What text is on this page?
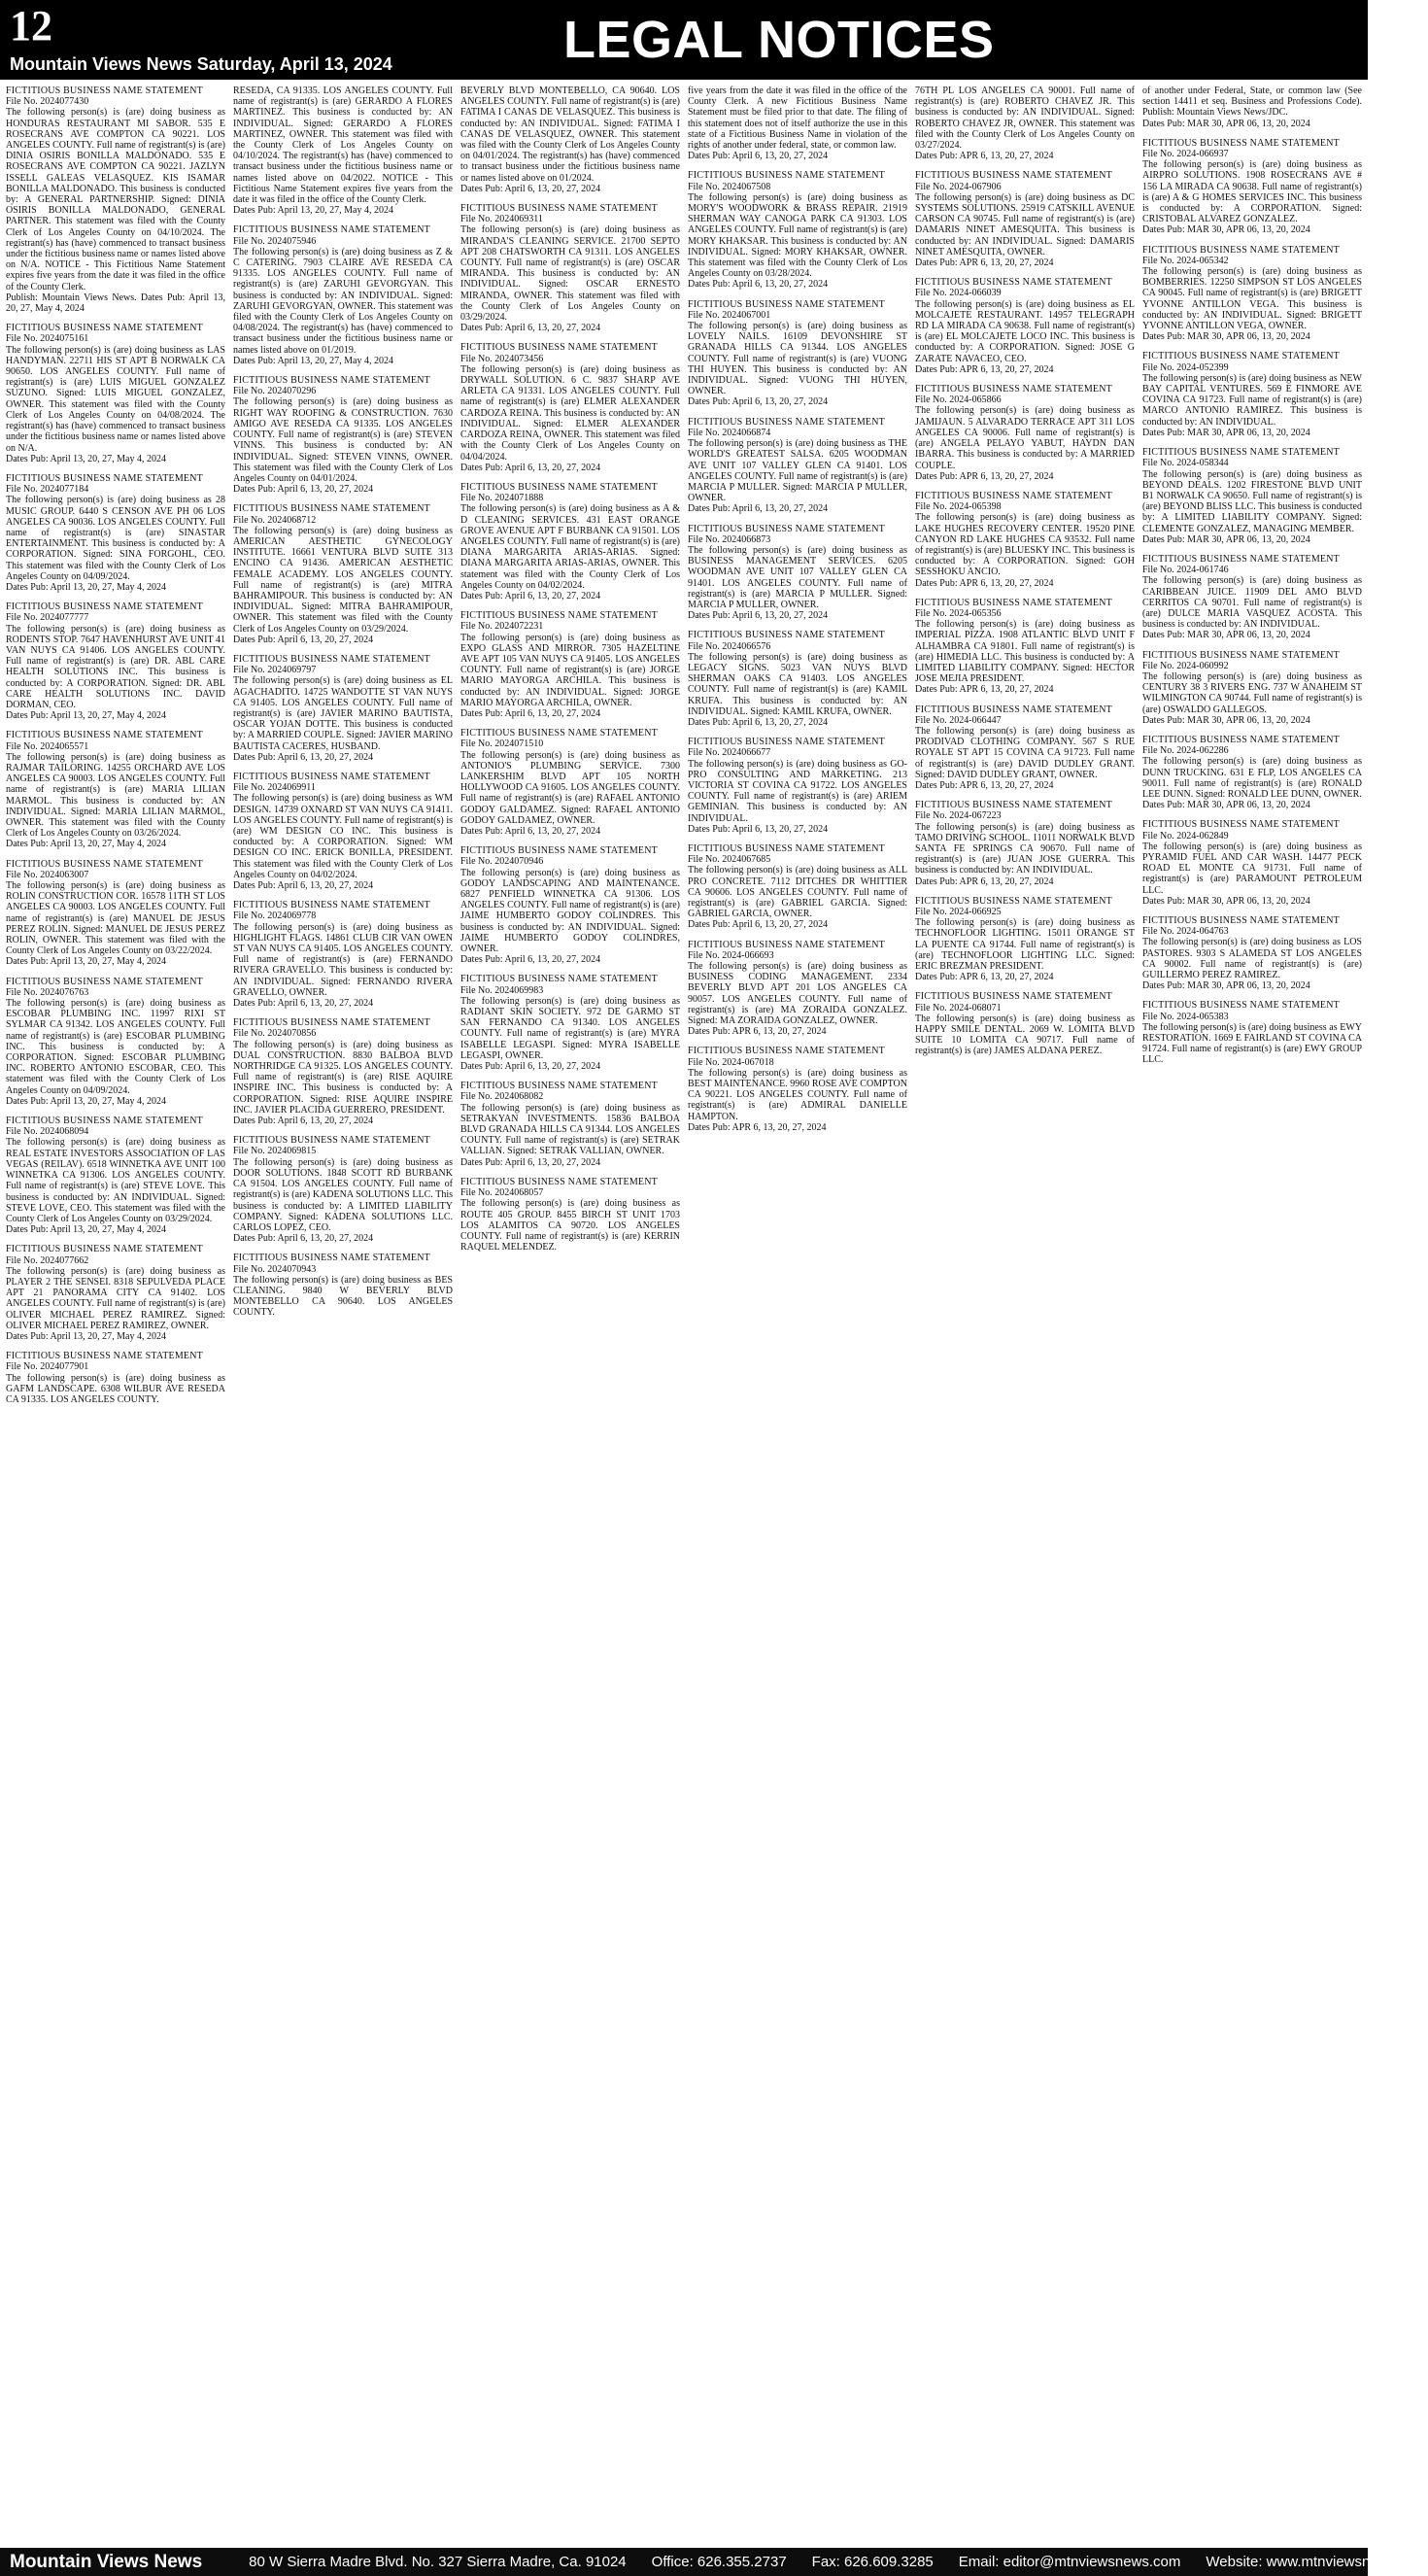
12
Mountain Views News Saturday, April 13, 2024	LEGAL NOTICES
FICTITIOUS BUSINESS NAME STATEMENT
File No. 2024077430
The following person(s) is (are) doing business as HONDURAS RESTAURANT MI SABOR. 535 E ROSECRANS AVE COMPTON CA 90221. LOS ANGELES COUNTY. Full name of registrant(s) is (are) DINIA OSIRIS BONILLA MALDONADO. 535 E ROSECRANS AVE COMPTON CA 90221. JAZLYN ISSELL GALEAS VELASQUEZ. KIS ISAMAR BONILLA MALDONADO. This business is conducted by: A GENERAL PARTNERSHIP. Signed: DINIA OSIRIS BONILLA MALDONADO, GENERAL PARTNER. This statement was filed with the County Clerk of Los Angeles County on 04/10/2024. The registrant(s) has (have) commenced to transact business under the fictitious business name or names listed above on N/A. NOTICE - This Fictitious Name Statement expires five years from the date it was filed in the office of the County Clerk.
Publish: Mountain Views News. Dates Pub: April 13, 20, 27, May 4, 2024
FICTITIOUS BUSINESS NAME STATEMENT
File No. 2024075161
The following person(s) is (are) doing business as LAS HANDYMAN. 22711 HIS ST APT B NORWALK CA 90650. LOS ANGELES COUNTY. Full name of registrant(s) is (are) LUIS MIGUEL GONZALEZ SUZUNO. Signed: LUIS MIGUEL GONZALEZ, OWNER. This statement was filed with the County Clerk of Los Angeles County on 04/08/2024. The registrant(s) has (have) commenced to transact business under the fictitious business name or names listed above on N/A.
Dates Pub: April 13, 20, 27, May 4, 2024
FICTITIOUS BUSINESS NAME STATEMENT
File No. 2024077184
The following person(s) is (are) doing business as 28 MUSIC GROUP. 6440 S CENSON AVE PH 06 LOS ANGELES CA 90036. LOS ANGELES COUNTY. Full name of registrant(s) is (are) SINASTAR ENTERTAINMENT. This business is conducted by: A CORPORATION. Signed: SINA FORGOHL, CEO. This statement was filed with the County Clerk of Los Angeles County on 04/09/2024.
Dates Pub: April 13, 20, 27, May 4, 2024
FICTITIOUS BUSINESS NAME STATEMENT
File No. 2024077777
The following person(s) is (are) doing business as RODENTS STOP. 7647 HAVENHURST AVE UNIT 41 VAN NUYS CA 91406. LOS ANGELES COUNTY. Full name of registrant(s) is (are) DR. ABL CARE HEALTH SOLUTIONS INC. This business is conducted by: A CORPORATION. Signed: DR. ABL CARE HEALTH SOLUTIONS INC. DAVID DORMAN, CEO.
Dates Pub: April 13, 20, 27, May 4, 2024
FICTITIOUS BUSINESS NAME STATEMENT
File No. 2024065571
The following person(s) is (are) doing business as RAJMAR TAILORING. 14255 ORCHARD AVE LOS ANGELES CA 90003. LOS ANGELES COUNTY. Full name of registrant(s) is (are) MARIA LILIAN MARMOL. This business is conducted by: AN INDIVIDUAL. Signed: MARIA LILIAN MARMOL, OWNER. This statement was filed with the County Clerk of Los Angeles County on 03/26/2024.
Dates Pub: April 13, 20, 27, May 4, 2024
FICTITIOUS BUSINESS NAME STATEMENT
File No. 2024063007
The following person(s) is (are) doing business as ROLIN CONSTRUCTION COR. 16578 11TH ST LOS ANGELES CA 90003. LOS ANGELES COUNTY. Full name of registrant(s) is (are) MANUEL DE JESUS PEREZ ROLIN. Signed: MANUEL DE JESUS PEREZ ROLIN, OWNER. This statement was filed with the County Clerk of Los Angeles County on 03/22/2024.
Dates Pub: April 13, 20, 27, May 4, 2024
FICTITIOUS BUSINESS NAME STATEMENT
File No. 2024076763
The following person(s) is (are) doing business as ESCOBAR PLUMBING INC. 11997 RIXI ST SYLMAR CA 91342. LOS ANGELES COUNTY. Full name of registrant(s) is (are) ESCOBAR PLUMBING INC. This business is conducted by: A CORPORATION. Signed: ESCOBAR PLUMBING INC. ROBERTO ANTONIO ESCOBAR, CEO. This statement was filed with the County Clerk of Los Angeles County on 04/09/2024.
Dates Pub: April 13, 20, 27, May 4, 2024
FICTITIOUS BUSINESS NAME STATEMENT
File No. 2024068094
The following person(s) is (are) doing business as REAL ESTATE INVESTORS ASSOCIATION OF LAS VEGAS (REILAV). 6518 WINNETKA AVE UNIT 100 WINNETKA CA 91306. LOS ANGELES COUNTY. Full name of registrant(s) is (are) STEVE LOVE. This business is conducted by: AN INDIVIDUAL. Signed: STEVE LOVE, CEO. This statement was filed with the County Clerk of Los Angeles County on 03/29/2024.
Dates Pub: April 13, 20, 27, May 4, 2024
FICTITIOUS BUSINESS NAME STATEMENT
File No. 2024077662
The following person(s) is (are) doing business as PLAYER 2 THE SENSEI. 8318 SEPULVEDA PLACE APT 21 PANORAMA CITY CA 91402. LOS ANGELES COUNTY. Full name of registrant(s) is (are) OLIVER MICHAEL PEREZ RAMIREZ. Signed: OLIVER MICHAEL PEREZ RAMIREZ, OWNER.
Dates Pub: April 13, 20, 27, May 4, 2024
FICTITIOUS BUSINESS NAME STATEMENT
File No. 2024077901
The following person(s) is (are) doing business as GAFM LANDSCAPE. 6308 WILBUR AVE RESEDA CA 91335. LOS ANGELES COUNTY.
RESEDA, CA 91335. LOS ANGELES COUNTY. Full name of registrant(s) is (are) GERARDO A FLORES MARTINEZ. This business is conducted by: AN INDIVIDUAL. Signed: GERARDO A FLORES MARTINEZ, OWNER. This statement was filed with the County Clerk of Los Angeles County on 04/10/2024. The registrant(s) has (have) commenced to transact business under the fictitious business name or names listed above on 04/2022. NOTICE - This Fictitious Name Statement expires five years from the date it was filed in the office of the County Clerk.
Dates Pub: April 13, 20, 27, May 4, 2024
FICTITIOUS BUSINESS NAME STATEMENT
File No. 2024075946
The following person(s) is (are) doing business as Z & C CATERING. 7903 CLAIRE AVE RESEDA CA 91335. LOS ANGELES COUNTY. Full name of registrant(s) is (are) ZARUHI GEVORGYAN. This business is conducted by: AN INDIVIDUAL. Signed: ZARUHI GEVORGYAN, OWNER. This statement was filed with the County Clerk of Los Angeles County on 04/08/2024. The registrant(s) has (have) commenced to transact business under the fictitious business name or names listed above on 01/2019.
Dates Pub: April 13, 20, 27, May 4, 2024
FICTITIOUS BUSINESS NAME STATEMENT
File No. 2024070296
The following person(s) is (are) doing business as RIGHT WAY ROOFING & CONSTRUCTION. 7630 AMIGO AVE RESEDA CA 91335. LOS ANGELES COUNTY. Full name of registrant(s) is (are) STEVEN VINNS. This business is conducted by: AN INDIVIDUAL. Signed: STEVEN VINNS, OWNER. This statement was filed with the County Clerk of Los Angeles County on 04/01/2024.
Dates Pub: April 6, 13, 20, 27, 2024
FICTITIOUS BUSINESS NAME STATEMENT
File No. 2024068712
The following person(s) is (are) doing business as AMERICAN AESTHETIC GYNECOLOGY INSTITUTE. 16661 VENTURA BLVD SUITE 313 ENCINO CA 91436. AMERICAN AESTHETIC FEMALE ACADEMY. LOS ANGELES COUNTY. Full name of registrant(s) is (are) MITRA BAHRAMIPOUR. This business is conducted by: AN INDIVIDUAL. Signed: MITRA BAHRAMIPOUR, OWNER. This statement was filed with the County Clerk of Los Angeles County on 03/29/2024.
Dates Pub: April 6, 13, 20, 27, 2024
FICTITIOUS BUSINESS NAME STATEMENT
File No. 2024069797
The following person(s) is (are) doing business as EL AGACHADITO. 14725 WANDOTTE ST VAN NUYS CA 91405. LOS ANGELES COUNTY. Full name of registrant(s) is (are) JAVIER MARINO BAUTISTA, OSCAR YOJAN DOTTE. This business is conducted by: A MARRIED COUPLE. Signed: JAVIER MARINO BAUTISTA CACERES, HUSBAND.
Dates Pub: April 6, 13, 20, 27, 2024
FICTITIOUS BUSINESS NAME STATEMENT
File No. 2024069911
The following person(s) is (are) doing business as WM DESIGN. 14739 OXNARD ST VAN NUYS CA 91411. LOS ANGELES COUNTY. Full name of registrant(s) is (are) WM DESIGN CO INC. This business is conducted by: A CORPORATION. Signed: WM DESIGN CO INC. ERICK BONILLA, PRESIDENT. This statement was filed with the County Clerk of Los Angeles County on 04/02/2024.
Dates Pub: April 6, 13, 20, 27, 2024
FICTITIOUS BUSINESS NAME STATEMENT
File No. 2024069778
The following person(s) is (are) doing business as HIGHLIGHT FLAGS. 14861 CLUB CIR VAN OWEN ST VAN NUYS CA 91405. LOS ANGELES COUNTY. Full name of registrant(s) is (are) FERNANDO RIVERA GRAVELLO. This business is conducted by: AN INDIVIDUAL. Signed: FERNANDO RIVERA GRAVELLO, OWNER.
Dates Pub: April 6, 13, 20, 27, 2024
FICTITIOUS BUSINESS NAME STATEMENT
File No. 2024070856
The following person(s) is (are) doing business as DUAL CONSTRUCTION. 8830 BALBOA BLVD NORTHRIDGE CA 91325. LOS ANGELES COUNTY. Full name of registrant(s) is (are) RISE AQUIRE INSPIRE INC. This business is conducted by: A CORPORATION. Signed: RISE AQUIRE INSPIRE INC. JAVIER PLACIDA GUERRERO, PRESIDENT.
Dates Pub: April 6, 13, 20, 27, 2024
FICTITIOUS BUSINESS NAME STATEMENT
File No. 2024069815
The following person(s) is (are) doing business as DOOR SOLUTIONS. 1848 SCOTT RD BURBANK CA 91504. LOS ANGELES COUNTY. Full name of registrant(s) is (are) KADENA SOLUTIONS LLC. This business is conducted by: A LIMITED LIABILITY COMPANY. Signed: KADENA SOLUTIONS LLC. CARLOS LOPEZ, CEO.
Dates Pub: April 6, 13, 20, 27, 2024
FICTITIOUS BUSINESS NAME STATEMENT
File No. 2024070943
The following person(s) is (are) doing business as BES CLEANING. 9840 W BEVERLY BLVD MONTEBELLO CA 90640. LOS ANGELES COUNTY.
BEVERLY BLVD MONTEBELLO, CA 90640. LOS ANGELES COUNTY. Full name of registrant(s) is (are) FATIMA I CANAS DE VELASQUEZ. This business is conducted by: AN INDIVIDUAL. Signed: FATIMA I CANAS DE VELASQUEZ, OWNER. This statement was filed with the County Clerk of Los Angeles County on 04/01/2024. The registrant(s) has (have) commenced to transact business under the fictitious business name or names listed above on 01/2024.
Dates Pub: April 6, 13, 20, 27, 2024
FICTITIOUS BUSINESS NAME STATEMENT
File No. 2024069311
The following person(s) is (are) doing business as MIRANDA'S CLEANING SERVICE. 21700 SEPTO APT 208 CHATSWORTH CA 91311. LOS ANGELES COUNTY. Full name of registrant(s) is (are) OSCAR MIRANDA. This business is conducted by: AN INDIVIDUAL. Signed: OSCAR ERNESTO MIRANDA, OWNER. This statement was filed with the County Clerk of Los Angeles County on 03/29/2024.
Dates Pub: April 6, 13, 20, 27, 2024
FICTITIOUS BUSINESS NAME STATEMENT
File No. 2024073456
The following person(s) is (are) doing business as DRYWALL SOLUTION. 6 C. 9837 SHARP AVE ARLETA CA 91331. LOS ANGELES COUNTY. Full name of registrant(s) is (are) ELMER ALEXANDER CARDOZA REINA. This business is conducted by: AN INDIVIDUAL. Signed: ELMER ALEXANDER CARDOZA REINA, OWNER. This statement was filed with the County Clerk of Los Angeles County on 04/04/2024.
Dates Pub: April 6, 13, 20, 27, 2024
FICTITIOUS BUSINESS NAME STATEMENT
File No. 2024071888
The following person(s) is (are) doing business as A & D CLEANING SERVICES. 431 EAST ORANGE GROVE AVENUE APT F BURBANK CA 91501. LOS ANGELES COUNTY. Full name of registrant(s) is (are) DIANA MARGARITA ARIAS-ARIAS. Signed: DIANA MARGARITA ARIAS-ARIAS, OWNER. This statement was filed with the County Clerk of Los Angeles County on 04/02/2024.
Dates Pub: April 6, 13, 20, 27, 2024
FICTITIOUS BUSINESS NAME STATEMENT
File No. 2024072231
The following person(s) is (are) doing business as EXPO GLASS AND MIRROR. 7305 HAZELTINE AVE APT 105 VAN NUYS CA 91405. LOS ANGELES COUNTY. Full name of registrant(s) is (are) JORGE MARIO MAYORGA ARCHILA. This business is conducted by: AN INDIVIDUAL. Signed: JORGE MARIO MAYORGA ARCHILA, OWNER.
Dates Pub: April 6, 13, 20, 27, 2024
FICTITIOUS BUSINESS NAME STATEMENT
File No. 2024071510
The following person(s) is (are) doing business as ANTONIO'S PLUMBING SERVICE. 7300 LANKERSHIM BLVD APT 105 NORTH HOLLYWOOD CA 91605. LOS ANGELES COUNTY. Full name of registrant(s) is (are) RAFAEL ANTONIO GODOY GALDAMEZ. Signed: RAFAEL ANTONIO GODOY GALDAMEZ, OWNER.
Dates Pub: April 6, 13, 20, 27, 2024
FICTITIOUS BUSINESS NAME STATEMENT
File No. 2024070946
The following person(s) is (are) doing business as GODOY LANDSCAPING AND MAINTENANCE. 6827 PENFIELD WINNETKA CA 91306. LOS ANGELES COUNTY. Full name of registrant(s) is (are) JAIME HUMBERTO GODOY COLINDRES. This business is conducted by: AN INDIVIDUAL. Signed: JAIME HUMBERTO GODOY COLINDRES, OWNER.
Dates Pub: April 6, 13, 20, 27, 2024
FICTITIOUS BUSINESS NAME STATEMENT
File No. 2024069983
The following person(s) is (are) doing business as RADIANT SKIN SOCIETY. 972 DE GARMO ST SAN FERNANDO CA 91340. LOS ANGELES COUNTY. Full name of registrant(s) is (are) MYRA ISABELLE LEGASPI. Signed: MYRA ISABELLE LEGASPI, OWNER.
Dates Pub: April 6, 13, 20, 27, 2024
FICTITIOUS BUSINESS NAME STATEMENT
File No. 2024068082
The following person(s) is (are) doing business as SETRAKYAN INVESTMENTS. 15836 BALBOA BLVD GRANADA HILLS CA 91344. LOS ANGELES COUNTY. Full name of registrant(s) is (are) SETRAK VALLIAN. Signed: SETRAK VALLIAN, OWNER.
Dates Pub: April 6, 13, 20, 27, 2024
FICTITIOUS BUSINESS NAME STATEMENT
File No. 2024068057
The following person(s) is (are) doing business as ROUTE 405 GROUP. 8455 BIRCH ST UNIT 1703 LOS ALAMITOS CA 90720. LOS ANGELES COUNTY. Full name of registrant(s) is (are) KERRIN RAQUEL MELENDEZ.
five years from the date it was filed in the office of the County Clerk. A new Fictitious Business Name Statement must be filed prior to that date. The filing of this statement does not of itself authorize the use in this state of a Fictitious Business Name in violation of the rights of another under federal, state, or common law.
Dates Pub: April 6, 13, 20, 27, 2024
FICTITIOUS BUSINESS NAME STATEMENT
File No. 2024067508
The following person(s) is (are) doing business as MORY'S WOODWORK & BRASS REPAIR. 21919 SHERMAN WAY CANOGA PARK CA 91303. LOS ANGELES COUNTY. Full name of registrant(s) is (are) MORY KHAKSAR. This business is conducted by: AN INDIVIDUAL. Signed: MORY KHAKSAR, OWNER. This statement was filed with the County Clerk of Los Angeles County on 03/28/2024.
Dates Pub: April 6, 13, 20, 27, 2024
FICTITIOUS BUSINESS NAME STATEMENT
File No. 2024067001
The following person(s) is (are) doing business as LOVELY NAILS. 16109 DEVONSHIRE ST GRANADA HILLS CA 91344. LOS ANGELES COUNTY. Full name of registrant(s) is (are) VUONG THI HUYEN. This business is conducted by: AN INDIVIDUAL. Signed: VUONG THI HUYEN, OWNER.
Dates Pub: April 6, 13, 20, 27, 2024
FICTITIOUS BUSINESS NAME STATEMENT
File No. 2024066874
The following person(s) is (are) doing business as THE WORLD'S GREATEST SALSA. 6205 WOODMAN AVE UNIT 107 VALLEY GLEN CA 91401. LOS ANGELES COUNTY. Full name of registrant(s) is (are) MARCIA P MULLER. Signed: MARCIA P MULLER, OWNER.
Dates Pub: April 6, 13, 20, 27, 2024
FICTITIOUS BUSINESS NAME STATEMENT
File No. 2024066873
The following person(s) is (are) doing business as BUSINESS MANAGEMENT SERVICES. 6205 WOODMAN AVE UNIT 107 VALLEY GLEN CA 91401. LOS ANGELES COUNTY. Full name of registrant(s) is (are) MARCIA P MULLER. Signed: MARCIA P MULLER, OWNER.
Dates Pub: April 6, 13, 20, 27, 2024
FICTITIOUS BUSINESS NAME STATEMENT
File No. 2024066576
The following person(s) is (are) doing business as LEGACY SIGNS. 5023 VAN NUYS BLVD SHERMAN OAKS CA 91403. LOS ANGELES COUNTY. Full name of registrant(s) is (are) KAMIL KRUFA. This business is conducted by: AN INDIVIDUAL. Signed: KAMIL KRUFA, OWNER.
Dates Pub: April 6, 13, 20, 27, 2024
FICTITIOUS BUSINESS NAME STATEMENT
File No. 2024066677
The following person(s) is (are) doing business as GO-PRO CONSULTING AND MARKETING. 213 VICTORIA ST COVINA CA 91722. LOS ANGELES COUNTY. Full name of registrant(s) is (are) ARIEM GEMINIAN. This business is conducted by: AN INDIVIDUAL.
Dates Pub: April 6, 13, 20, 27, 2024
FICTITIOUS BUSINESS NAME STATEMENT
File No. 2024067685
The following person(s) is (are) doing business as ALL PRO CONCRETE. 7112 DITCHES DR WHITTIER CA 90606. LOS ANGELES COUNTY. Full name of registrant(s) is (are) GABRIEL GARCIA. Signed: GABRIEL GARCIA, OWNER.
Dates Pub: April 6, 13, 20, 27, 2024
FICTITIOUS BUSINESS NAME STATEMENT
File No. 2024-066693
The following person(s) is (are) doing business as BUSINESS CODING MANAGEMENT. 2334 BEVERLY BLVD APT 201 LOS ANGELES CA 90057. LOS ANGELES COUNTY. Full name of registrant(s) is (are) MA ZORAIDA GONZALEZ. Signed: MA ZORAIDA GONZALEZ, OWNER.
Dates Pub: APR 6, 13, 20, 27, 2024
FICTITIOUS BUSINESS NAME STATEMENT
File No. 2024-067018
The following person(s) is (are) doing business as BEST MAINTENANCE. 9960 ROSE AVE COMPTON CA 90221. LOS ANGELES COUNTY. Full name of registrant(s) is (are) ADMIRAL DANIELLE HAMPTON.
Dates Pub: APR 6, 13, 20, 27, 2024
76TH PL LOS ANGELES CA 90001. Full name of registrant(s) is (are) ROBERTO CHAVEZ JR. This business is conducted by: AN INDIVIDUAL. Signed: ROBERTO CHAVEZ JR, OWNER. This statement was filed with the County Clerk of Los Angeles County on 03/27/2024.
Dates Pub: APR 6, 13, 20, 27, 2024
FICTITIOUS BUSINESS NAME STATEMENT
File No. 2024-067906
The following person(s) is (are) doing business as DC SYSTEMS SOLUTIONS. 25919 CATSKILL AVENUE CARSON CA 90745. Full name of registrant(s) is (are) DAMARIS NINET AMESQUITA. This business is conducted by: AN INDIVIDUAL. Signed: DAMARIS NINET AMESQUITA, OWNER.
Dates Pub: APR 6, 13, 20, 27, 2024
FICTITIOUS BUSINESS NAME STATEMENT
File No. 2024-066039
The following person(s) is (are) doing business as EL MOLCAJETE RESTAURANT. 14957 TELEGRAPH RD LA MIRADA CA 90638. Full name of registrant(s) is (are) EL MOLCAJETE LOCO INC. This business is conducted by: A CORPORATION. Signed: JOSE G ZARATE NAVACEO, CEO.
Dates Pub: APR 6, 13, 20, 27, 2024
FICTITIOUS BUSINESS NAME STATEMENT
File No. 2024-065866
The following person(s) is (are) doing business as JAMIJAUN. 5 ALVARADO TERRACE APT 311 LOS ANGELES CA 90006. Full name of registrant(s) is (are) ANGELA PELAYO YABUT, HAYDN DAN IBARRA. This business is conducted by: A MARRIED COUPLE.
Dates Pub: APR 6, 13, 20, 27, 2024
FICTITIOUS BUSINESS NAME STATEMENT
File No. 2024-065398
The following person(s) is (are) doing business as LAKE HUGHES RECOVERY CENTER. 19520 PINE CANYON RD LAKE HUGHES CA 93532. Full name of registrant(s) is (are) BLUESKY INC. This business is conducted by: A CORPORATION. Signed: GOH SESSHOKU ANCIO.
Dates Pub: APR 6, 13, 20, 27, 2024
FICTITIOUS BUSINESS NAME STATEMENT
File No. 2024-065356
The following person(s) is (are) doing business as IMPERIAL PIZZA. 1908 ATLANTIC BLVD UNIT F ALHAMBRA CA 91801. Full name of registrant(s) is (are) HIMEDIA LLC. This business is conducted by: A LIMITED LIABILITY COMPANY. Signed: HECTOR JOSE MEJIA PRESIDENT.
Dates Pub: APR 6, 13, 20, 27, 2024
FICTITIOUS BUSINESS NAME STATEMENT
File No. 2024-066447
The following person(s) is (are) doing business as PRODIVAD CLOTHING COMPANY. 567 S RUE ROYALE ST APT 15 COVINA CA 91723. Full name of registrant(s) is (are) DAVID DUDLEY GRANT. Signed: DAVID DUDLEY GRANT, OWNER.
Dates Pub: APR 6, 13, 20, 27, 2024
FICTITIOUS BUSINESS NAME STATEMENT
File No. 2024-067223
The following person(s) is (are) doing business as TAMO DRIVING SCHOOL. 11011 NORWALK BLVD SANTA FE SPRINGS CA 90670. Full name of registrant(s) is (are) JUAN JOSE GUERRA. This business is conducted by: AN INDIVIDUAL.
Dates Pub: APR 6, 13, 20, 27, 2024
FICTITIOUS BUSINESS NAME STATEMENT
File No. 2024-066925
The following person(s) is (are) doing business as TECHNOFLOOR LIGHTING. 15011 ORANGE ST LA PUENTE CA 91744. Full name of registrant(s) is (are) TECHNOFLOOR LIGHTING LLC. Signed: ERIC BREZMAN PRESIDENT.
Dates Pub: APR 6, 13, 20, 27, 2024
FICTITIOUS BUSINESS NAME STATEMENT
File No. 2024-068071
The following person(s) is (are) doing business as HAPPY SMILE DENTAL. 2069 W. LOMITA BLVD SUITE 10 LOMITA CA 90717. Full name of registrant(s) is (are) JAMES ALDANA PEREZ.
of another under Federal, State, or common law (See section 14411 et seq. Business and Professions Code). Publish: Mountain Views News/JDC.
Dates Pub: MAR 30, APR 06, 13, 20, 2024
FICTITIOUS BUSINESS NAME STATEMENT
File No. 2024-066937
The following person(s) is (are) doing business as AIRPRO SOLUTIONS. 1908 ROSECRANS AVE # 156 LA MIRADA CA 90638. Full name of registrant(s) is (are) A & G HOMES SERVICES INC. This business is conducted by: A CORPORATION. Signed: CRISTOBAL ALVAREZ GONZALEZ.
Dates Pub: MAR 30, APR 06, 13, 20, 2024
FICTITIOUS BUSINESS NAME STATEMENT
File No. 2024-065342
The following person(s) is (are) doing business as BOMBERRIES. 12250 SIMPSON ST LOS ANGELES CA 90045. Full name of registrant(s) is (are) BRIGETT YVONNE ANTILLON VEGA. This business is conducted by: AN INDIVIDUAL. Signed: BRIGETT YVONNE ANTILLON VEGA, OWNER.
Dates Pub: MAR 30, APR 06, 13, 20, 2024
FICTITIOUS BUSINESS NAME STATEMENT
File No. 2024-052399
The following person(s) is (are) doing business as NEW BAY CAPITAL VENTURES. 569 E FINMORE AVE COVINA CA 91723. Full name of registrant(s) is (are) MARCO ANTONIO RAMIREZ. This business is conducted by: AN INDIVIDUAL.
Dates Pub: MAR 30, APR 06, 13, 20, 2024
FICTITIOUS BUSINESS NAME STATEMENT
File No. 2024-058344
The following person(s) is (are) doing business as BEYOND DEALS. 1202 FIRESTONE BLVD UNIT B1 NORWALK CA 90650. Full name of registrant(s) is (are) BEYOND BLISS LLC. This business is conducted by: A LIMITED LIABILITY COMPANY. Signed: CLEMENTE GONZALEZ, MANAGING MEMBER.
Dates Pub: MAR 30, APR 06, 13, 20, 2024
FICTITIOUS BUSINESS NAME STATEMENT
File No. 2024-061746
The following person(s) is (are) doing business as CARIBBEAN JUICE. 11909 DEL AMO BLVD CERRITOS CA 90701. Full name of registrant(s) is (are) DULCE MARIA VASQUEZ ACOSTA. This business is conducted by: AN INDIVIDUAL.
Dates Pub: MAR 30, APR 06, 13, 20, 2024
FICTITIOUS BUSINESS NAME STATEMENT
File No. 2024-060992
The following person(s) is (are) doing business as CENTURY 38 3 RIVERS ENG. 737 W ANAHEIM ST WILMINGTON CA 90744. Full name of registrant(s) is (are) OSWALDO GALLEGOS.
Dates Pub: MAR 30, APR 06, 13, 20, 2024
FICTITIOUS BUSINESS NAME STATEMENT
File No. 2024-062286
The following person(s) is (are) doing business as DUNN TRUCKING. 631 E FLP, LOS ANGELES CA 90011. Full name of registrant(s) is (are) RONALD LEE DUNN. Signed: RONALD LEE DUNN, OWNER.
Dates Pub: MAR 30, APR 06, 13, 20, 2024
FICTITIOUS BUSINESS NAME STATEMENT
File No. 2024-062849
The following person(s) is (are) doing business as PYRAMID FUEL AND CAR WASH. 14477 PECK ROAD EL MONTE CA 91731. Full name of registrant(s) is (are) PARAMOUNT PETROLEUM LLC.
Dates Pub: MAR 30, APR 06, 13, 20, 2024
FICTITIOUS BUSINESS NAME STATEMENT
File No. 2024-064763
The following person(s) is (are) doing business as LOS PASTORES. 9303 S ALAMEDA ST LOS ANGELES CA 90002. Full name of registrant(s) is (are) GUILLERMO PEREZ RAMIREZ.
Dates Pub: MAR 30, APR 06, 13, 20, 2024
FICTITIOUS BUSINESS NAME STATEMENT
File No. 2024-065383
The following person(s) is (are) doing business as EWY RESTORATION. 1669 E FAIRLAND ST COVINA CA 91724. Full name of registrant(s) is (are) EWY GROUP LLC.
Mountain Views News	80 W Sierra Madre Blvd. No. 327 Sierra Madre, Ca. 91024 Office: 626.355.2737 Fax: 626.609.3285 Email: editor@mtnviewsnews.com Website: www.mtnviewsnews.com
